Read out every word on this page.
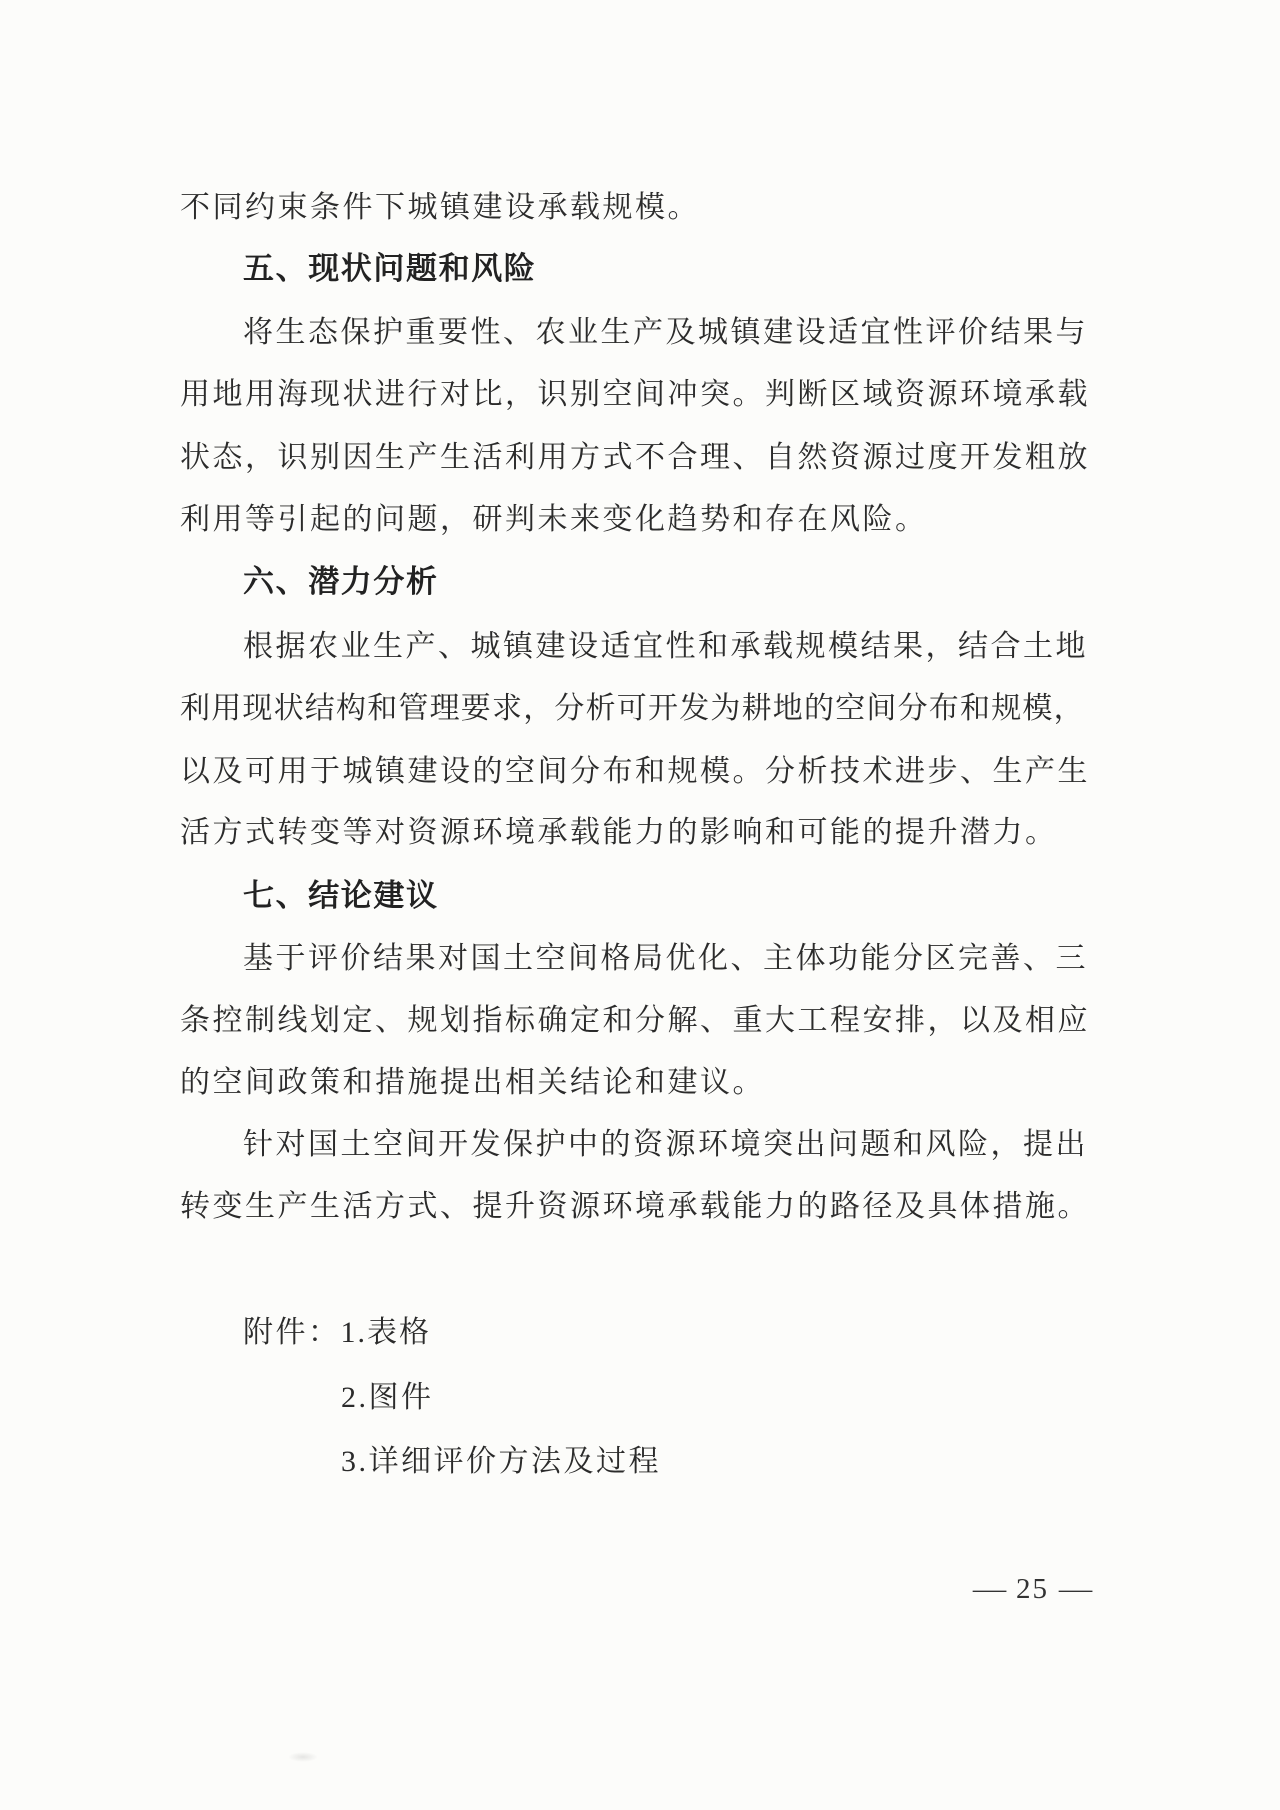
不同约束条件下城镇建设承载规模。
五、现状问题和风险
将生态保护重要性、农业生产及城镇建设适宜性评价结果与
用地用海现状进行对比，识别空间冲突。判断区域资源环境承载
状态，识别因生产生活利用方式不合理、自然资源过度开发粗放
利用等引起的问题，研判未来变化趋势和存在风险。
六、潜力分析
根据农业生产、城镇建设适宜性和承载规模结果，结合土地
利用现状结构和管理要求，分析可开发为耕地的空间分布和规模，
以及可用于城镇建设的空间分布和规模。分析技术进步、生产生
活方式转变等对资源环境承载能力的影响和可能的提升潜力。
七、结论建议
基于评价结果对国土空间格局优化、主体功能分区完善、三
条控制线划定、规划指标确定和分解、重大工程安排，以及相应
的空间政策和措施提出相关结论和建议。
针对国土空间开发保护中的资源环境突出问题和风险，提出
转变生产生活方式、提升资源环境承载能力的路径及具体措施。
附件：1.表格
2.图件
3.详细评价方法及过程
— 25 —
